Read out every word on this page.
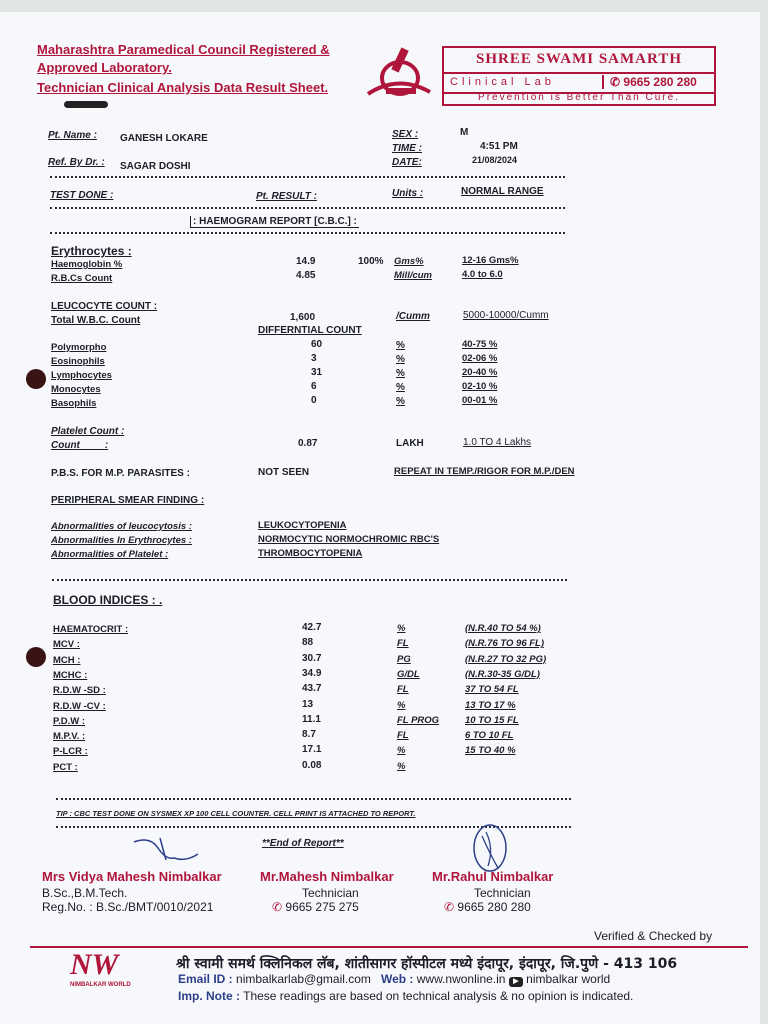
Maharashtra Paramedical Council Registered &
Approved Laboratory.
Technician Clinical Analysis Data Result Sheet.
SHREE SWAMI SAMARTH
Clinical Lab	✆ 9665 280 280
Prevention is Better Than Cure.
Pt. Name : GANESH LOKARE	SEX :	M
TIME :	4:51 PM
Ref. By Dr. : SAGAR DOSHI	DATE:	21/08/2024
TEST DONE :	Pt. RESULT :	Units :	NORMAL RANGE
: HAEMOGRAM REPORT [C.B.C.] :
Erythrocytes :
Haemoglobin %	14.9	100% Gms%	12-16 Gms%
R.B.Cs Count	4.85	Mill/cum	4.0 to 6.0
LEUCOCYTE COUNT :
Total W.B.C. Count	1,600	/Cumm	5000-10000/Cumm
DIFFERNTIAL COUNT
Polymorpho	60	%	40-75 %
Eosinophils	3	%	02-06 %
Lymphocytes	31	%	20-40 %
Monocytes	6	%	02-10 %
Basophils	0	%	00-01 %
Platelet Count :
Count	:	0.87	LAKH	1.0 TO 4 Lakhs
P.B.S. FOR M.P. PARASITES :	NOT SEEN	REPEAT IN TEMP./RIGOR FOR M.P./DEN
PERIPHERAL SMEAR FINDING :
Abnormalities of leucocytosis :	LEUKOCYTOPENIA
Abnormalities In Erythrocytes :	NORMOCYTIC NORMOCHROMIC RBC'S
Abnormalities of Platelet :	THROMBOCYTOPENIA
BLOOD INDICES : .
HAEMATOCRIT :	42.7	%	(N.R.40 TO 54 %)
MCV :	88	FL	(N.R.76 TO 96 FL)
MCH :	30.7	PG	(N.R.27 TO 32 PG)
MCHC :	34.9	G/DL	(N.R.30-35 G/DL)
R.D.W -SD :	43.7	FL	37 TO 54 FL
R.D.W -CV :	13	%	13 TO 17 %
P.D.W :	11.1	FL PROG	10 TO 15 FL
M.P.V. :	8.7	FL	6 TO 10 FL
P-LCR :	17.1	%	15 TO 40 %
PCT :	0.08	%
TIP : CBC TEST DONE ON SYSMEX XP 100 CELL COUNTER. CELL PRINT IS ATTACHED TO REPORT.
**End of Report**
Mrs Vidya Mahesh Nimbalkar
B.Sc.,B.M.Tech.
Reg.No. : B.Sc./BMT/0010/2021
Mr.Mahesh Nimbalkar
Technician
✆ 9665 275 275
Mr.Rahul Nimbalkar
Technician
✆ 9665 280 280
Verified & Checked by
NW
NIMBALKAR WORLD
श्री स्वामी समर्थ क्लिनिकल लॅब, शांतीसागर हॉस्पीटल मध्ये इंदापूर, इंदापूर, जि.पुणे - 413 106
Email ID : nimbalkarlab@gmail.com Web : www.nwonline.in ▶ nimbalkar world
Imp. Note : These readings are based on technical analysis & no opinion is indicated.
